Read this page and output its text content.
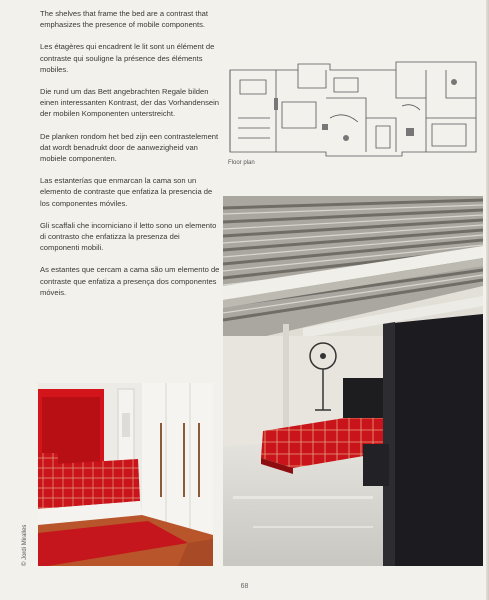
The shelves that frame the bed are a contrast that emphasizes the presence of mobile components.

Les étagères qui encadrent le lit sont un élément de contraste qui souligne la présence des éléments mobiles.

Die rund um das Bett angebrachten Regale bilden einen interessanten Kontrast, der das Vorhandensein der mobilen Komponenten unterstreicht.

De planken rondom het bed zijn een contrastelement dat wordt benadrukt door de aanwezigheid van mobiele componenten.

Las estanterías que enmarcan la cama son un elemento de contraste que enfatiza la presencia de los componentes móviles.

Gli scaffali che incorniciano il letto sono un elemento di contrasto che enfatizza la presenza dei componenti mobili.

As estantes que cercam a cama são um elemento de contraste que enfatiza a presença dos componentes móveis.

Floor plan
© Jordi Miralles
68
